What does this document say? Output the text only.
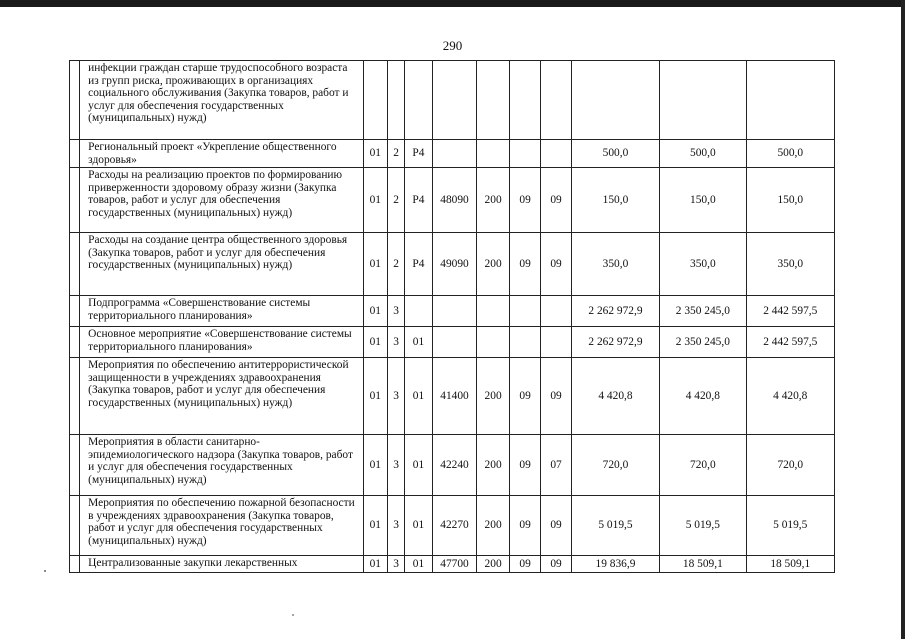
290
	инфекции граждан старше трудоспособного возраста из групп риска, проживающих в организациях социального обслуживания (Закупка товаров, работ и услуг для обеспечения государственных (муниципальных) нужд)										
	Региональный проект «Укрепление общественного здоровья»	01	2	P4					500,0	500,0	500,0
	Расходы на реализацию проектов по формированию приверженности здоровому образу жизни (Закупка товаров, работ и услуг для обеспечения государственных (муниципальных) нужд)	01	2	P4	48090	200	09	09	150,0	150,0	150,0
	Расходы на создание центра общественного здоровья (Закупка товаров, работ и услуг для обеспечения государственных (муниципальных) нужд)	01	2	P4	49090	200	09	09	350,0	350,0	350,0
	Подпрограмма «Совершенствование системы территориального планирования»	01	3						2 262 972,9	2 350 245,0	2 442 597,5
	Основное мероприятие «Совершенствование системы территориального планирования»	01	3	01					2 262 972,9	2 350 245,0	2 442 597,5
	Мероприятия по обеспечению антитеррористической защищенности в учреждениях здравоохранения (Закупка товаров, работ и услуг для обеспечения государственных (муниципальных) нужд)	01	3	01	41400	200	09	09	4 420,8	4 420,8	4 420,8
	Мероприятия в области санитарно-эпидемиологического надзора (Закупка товаров, работ и услуг для обеспечения государственных (муниципальных) нужд)	01	3	01	42240	200	09	07	720,0	720,0	720,0
	Мероприятия по обеспечению пожарной безопасности в учреждениях здравоохранения (Закупка товаров, работ и услуг для обеспечения государственных (муниципальных) нужд)	01	3	01	42270	200	09	09	5 019,5	5 019,5	5 019,5
	Централизованные закупки лекарственных	01	3	01	47700	200	09	09	19 836,9	18 509,1	18 509,1
